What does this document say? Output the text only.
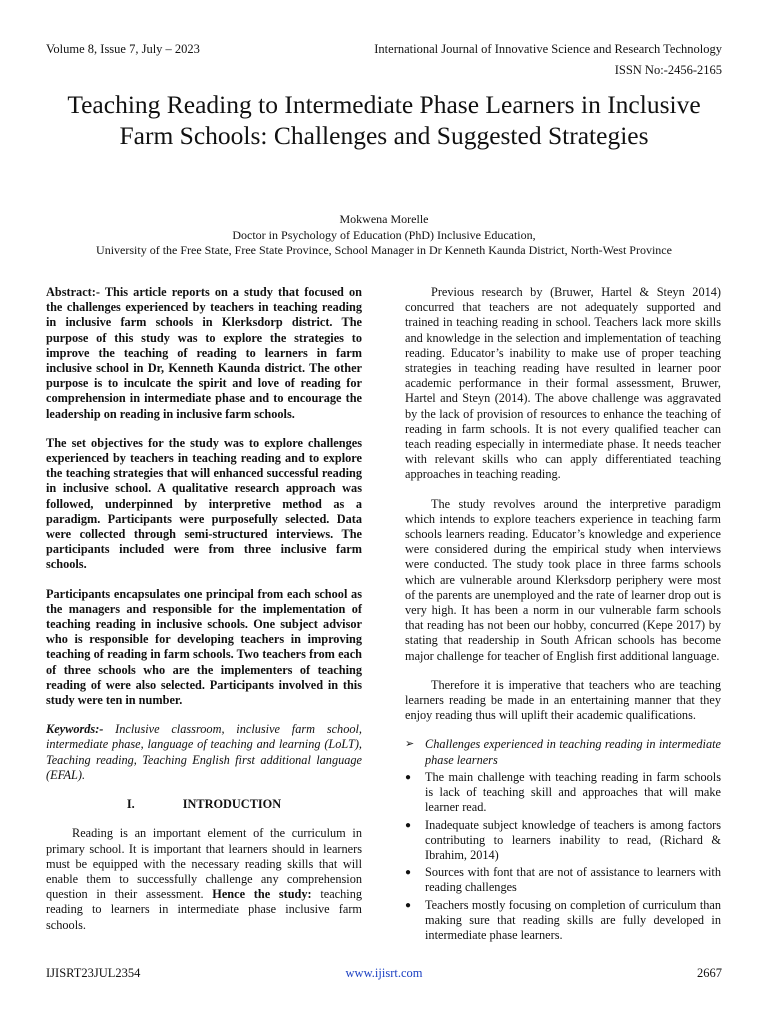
Volume 8, Issue 7, July – 2023	International Journal of Innovative Science and Research Technology
ISSN No:-2456-2165
Teaching Reading to Intermediate Phase Learners in Inclusive Farm Schools: Challenges and Suggested Strategies
Mokwena Morelle
Doctor in Psychology of Education (PhD) Inclusive Education,
University of the Free State, Free State Province, School Manager in Dr Kenneth Kaunda District, North-West Province

Abstract:- This article reports on a study that focused on the challenges experienced by teachers in teaching reading in inclusive farm schools in Klerksdorp district. The purpose of this study was to explore the strategies to improve the teaching of reading to learners in farm inclusive school in Dr, Kenneth Kaunda district. The other purpose is to inculcate the spirit and love of reading for comprehension in intermediate phase and to encourage the leadership on reading in inclusive farm schools.

The set objectives for the study was to explore challenges experienced by teachers in teaching reading and to explore the teaching strategies that will enhanced successful reading in inclusive school. A qualitative research approach was followed, underpinned by interpretive method as a paradigm. Participants were purposefully selected. Data were collected through semi-structured interviews. The participants included were from three inclusive farm schools.

Participants encapsulates one principal from each school as the managers and responsible for the implementation of teaching reading in inclusive schools. One subject advisor who is responsible for developing teachers in improving teaching of reading in farm schools. Two teachers from each of three schools who are the implementers of teaching reading of were also selected. Participants involved in this study were ten in number.

Keywords:- Inclusive classroom, inclusive farm school, intermediate phase, language of teaching and learning (LoLT), Teaching reading, Teaching English first additional language (EFAL).

I.	INTRODUCTION

Reading is an important element of the curriculum in primary school. It is important that learners should in learners must be equipped with the necessary reading skills that will enable them to successfully challenge any comprehension question in their assessment. Hence the study: teaching reading to learners in intermediate phase inclusive farm schools.

Previous research by (Bruwer, Hartel & Steyn 2014) concurred that teachers are not adequately supported and trained in teaching reading in school. Teachers lack more skills and knowledge in the selection and implementation of teaching reading. Educator’s inability to make use of proper teaching strategies in teaching reading have resulted in learner poor academic performance in their formal assessment, Bruwer, Hartel and Steyn (2014). The above challenge was aggravated by the lack of provision of resources to enhance the teaching of reading in farm schools. It is not every qualified teacher can teach reading especially in intermediate phase. It needs teacher with relevant skills who can apply differentiated teaching approaches in teaching reading.

The study revolves around the interpretive paradigm which intends to explore teachers experience in teaching farm schools learners reading. Educator’s knowledge and experience were considered during the empirical study when interviews were conducted. The study took place in three farms schools which are vulnerable around Klerksdorp periphery were most of the parents are unemployed and the rate of learner drop out is very high. It has been a norm in our vulnerable farm schools that reading has not been our hobby, concurred (Kepe 2017) by stating that readership in South African schools has become major challenge for teacher of English first additional language.

Therefore it is imperative that teachers who are teaching learners reading be made in an entertaining manner that they enjoy reading thus will uplift their academic qualifications.

➢ Challenges experienced in teaching reading in intermediate phase learners
●	The main challenge with teaching reading in farm schools is lack of teaching skill and approaches that will make learner read.
●	Inadequate subject knowledge of teachers is among factors contributing to learners inability to read, (Richard & Ibrahim, 2014)
●	Sources with font that are not of assistance to learners with reading challenges
●	Teachers mostly focusing on completion of curriculum than making sure that reading skills are fully developed in intermediate phase learners.
IJISRT23JUL2354	www.ijisrt.com	2667
